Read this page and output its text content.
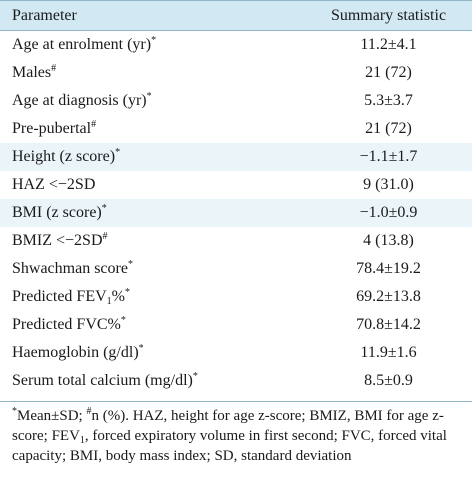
Parameter	Summary statistic
Age at enrolment (yr)*	11.2±4.1
Males#	21 (72)
Age at diagnosis (yr)*	5.3±3.7
Pre-pubertal#	21 (72)
Height (z score)*	−1.1±1.7
HAZ <−2SD	9 (31.0)
BMI (z score)*	−1.0±0.9
BMIZ <−2SD#	4 (13.8)
Shwachman score*	78.4±19.2
Predicted $FEV_1\%^*$	69.2±13.8
Predicted FVC%*	70.8±14.2
Haemoglobin (g/dl)*	11.9±1.6
Serum total calcium (mg/dl)*	8.5±0.9
*Mean±SD; #n (%). HAZ, height for age z-score; BMIZ, BMI for age z-score; $FEV_1$, forced expiratory volume in first second; FVC, forced vital capacity; BMI, body mass index; SD, standard deviation
